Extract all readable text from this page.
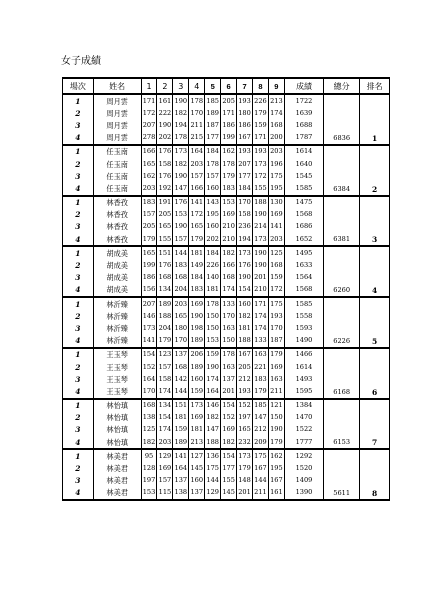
女子成績
場次	姓名	1	2	3	4	5	6	7	8	9	成績	總分	排名
1	周月雲	171	161	190	178	185	205	193	226	213	1722		
2	周月雲	172	222	182	170	189	171	180	179	174	1639		
3	周月雲	207	190	194	211	187	186	186	159	168	1688		
4	周月雲	278	202	178	215	177	199	167	171	200	1787	6836	1
1	任玉南	166	176	173	164	184	162	193	193	203	1614		
2	任玉南	165	158	182	203	178	178	207	173	196	1640		
3	任玉南	162	176	190	157	157	179	177	172	175	1545		
4	任玉南	203	192	147	166	160	183	184	155	195	1585	6384	2
1	林香孜	183	191	176	141	143	153	170	188	130	1475		
2	林香孜	157	205	153	172	195	169	158	190	169	1568		
3	林香孜	205	165	190	165	160	210	236	214	141	1686		
4	林香孜	179	155	157	179	202	210	194	173	203	1652	6381	3
1	胡成美	165	151	144	181	184	182	173	190	125	1495		
2	胡成美	199	176	183	149	226	166	176	190	168	1633		
3	胡成美	186	168	168	184	140	168	190	201	159	1564		
4	胡成美	156	134	204	183	181	174	154	210	172	1568	6260	4
1	林沂臻	207	189	203	169	178	133	160	171	175	1585		
2	林沂臻	146	188	165	190	150	170	182	174	193	1558		
3	林沂臻	173	204	180	198	150	163	181	174	170	1593		
4	林沂臻	141	179	170	189	153	150	188	133	187	1490	6226	5
1	王玉琴	154	123	137	206	159	178	167	163	179	1466		
2	王玉琴	152	157	168	189	190	163	205	221	169	1614		
3	王玉琴	164	158	142	160	174	137	212	183	163	1493		
4	王玉琴	170	174	144	159	164	201	193	179	211	1595	6168	6
1	林怡瑱	168	134	151	173	146	154	152	185	121	1384		
2	林怡瑱	138	154	181	169	182	152	197	147	150	1470		
3	林怡瑱	125	174	159	181	147	169	165	212	190	1522		
4	林怡瑱	182	203	189	213	188	182	232	209	179	1777	6153	7
1	林美君	95	129	141	127	136	154	173	175	162	1292		
2	林美君	128	169	164	145	175	177	179	167	195	1520		
3	林美君	197	157	137	160	144	155	148	144	167	1409		
4	林美君	153	115	138	137	129	145	201	211	161	1390	5611	8
